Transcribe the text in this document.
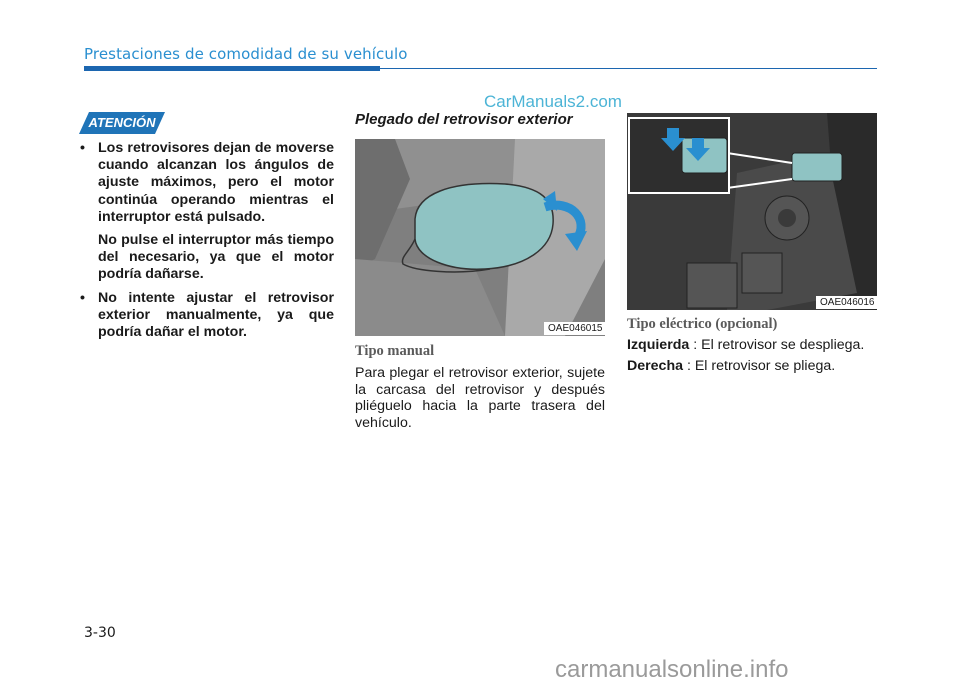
Prestaciones de comodidad de su vehículo
CarManuals2.com
ATENCIÓN

• Los retrovisores dejan de moverse cuando alcanzan los ángulos de ajuste máximos, pero el motor continúa operando mientras el interruptor está pulsado.

No pulse el interruptor más tiempo del necesario, ya que el motor podría dañarse.

• No intente ajustar el retrovisor exterior manualmente, ya que podría dañar el motor.

Plegado del retrovisor exterior
OAE046015
Tipo manual
Para plegar el retrovisor exterior, sujete la carcasa del retrovisor y después pliéguelo hacia la parte trasera del vehículo.
OAE046016
Tipo eléctrico (opcional)
Izquierda : El retrovisor se despliega.
Derecha : El retrovisor se pliega.
3-30
carmanualsonline.info
